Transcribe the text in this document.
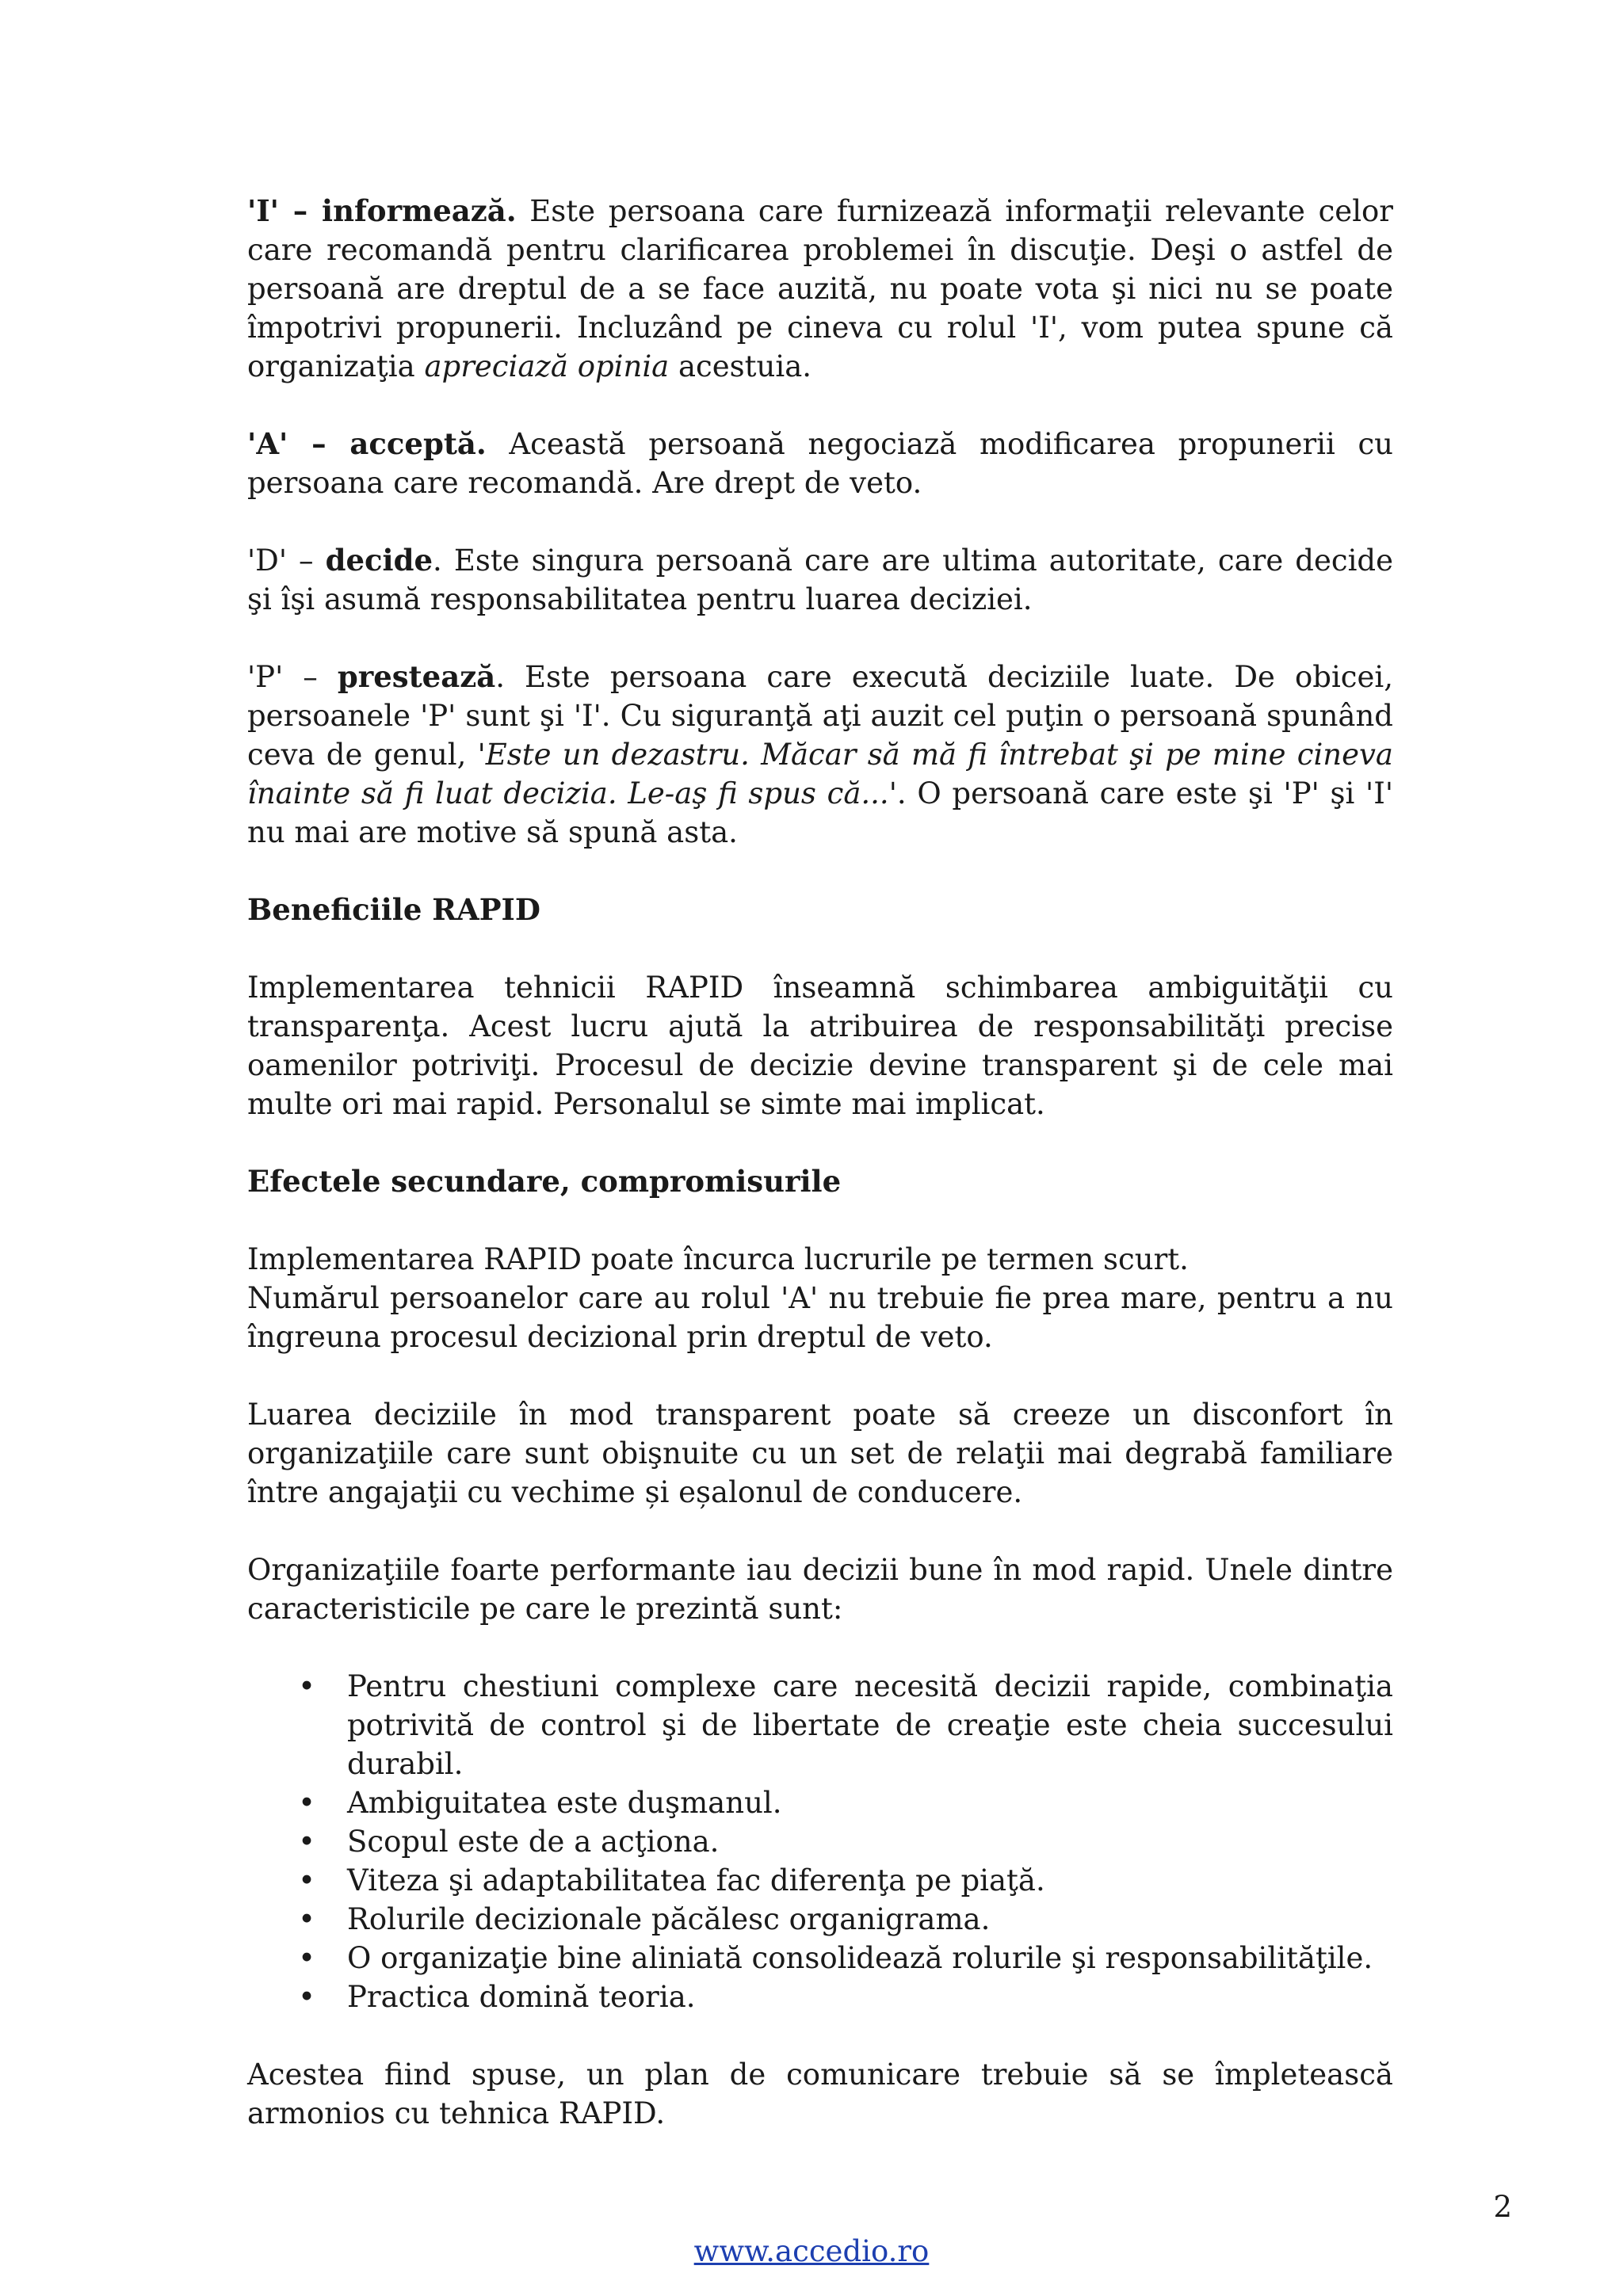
'I' – informează. Este persoana care furnizează informaţii relevante celor care recomandă pentru clarificarea problemei în discuţie. Deşi o astfel de persoană are dreptul de a se face auzită, nu poate vota şi nici nu se poate împotrivi propunerii. Incluzând pe cineva cu rolul 'I', vom putea spune că organizaţia apreciază opinia acestuia.

'A' – acceptă. Această persoană negociază modificarea propunerii cu persoana care recomandă. Are drept de veto.

'D' – decide. Este singura persoană care are ultima autoritate, care decide şi îşi asumă responsabilitatea pentru luarea deciziei.

'P' – prestează. Este persoana care execută deciziile luate. De obicei, persoanele 'P' sunt şi 'I'. Cu siguranţă aţi auzit cel puţin o persoană spunând ceva de genul, 'Este un dezastru. Măcar să mă fi întrebat şi pe mine cineva înainte să fi luat decizia. Le-aş fi spus că...'. O persoană care este şi 'P' şi 'I' nu mai are motive să spună asta.

Beneficiile RAPID

Implementarea tehnicii RAPID înseamnă schimbarea ambiguităţii cu transparenţa. Acest lucru ajută la atribuirea de responsabilităţi precise oamenilor potriviţi. Procesul de decizie devine transparent şi de cele mai multe ori mai rapid. Personalul se simte mai implicat.

Efectele secundare, compromisurile

Implementarea RAPID poate încurca lucrurile pe termen scurt.

Numărul persoanelor care au rolul 'A' nu trebuie fie prea mare, pentru a nu îngreuna procesul decizional prin dreptul de veto.

Luarea deciziile în mod transparent poate să creeze un disconfort în organizaţiile care sunt obişnuite cu un set de relaţii mai degrabă familiare între angajaţii cu vechime și eșalonul de conducere.

Organizaţiile foarte performante iau decizii bune în mod rapid. Unele dintre caracteristicile pe care le prezintă sunt:

• Pentru chestiuni complexe care necesită decizii rapide, combinaţia potrivită de control şi de libertate de creaţie este cheia succesului durabil.
• Ambiguitatea este duşmanul.
• Scopul este de a acţiona.
• Viteza şi adaptabilitatea fac diferenţa pe piaţă.
• Rolurile decizionale păcălesc organigrama.
• O organizaţie bine aliniată consolidează rolurile şi responsabilităţile.
• Practica domină teoria.

Acestea fiind spuse, un plan de comunicare trebuie să se împletească armonios cu tehnica RAPID.

2
www.accedio.ro
